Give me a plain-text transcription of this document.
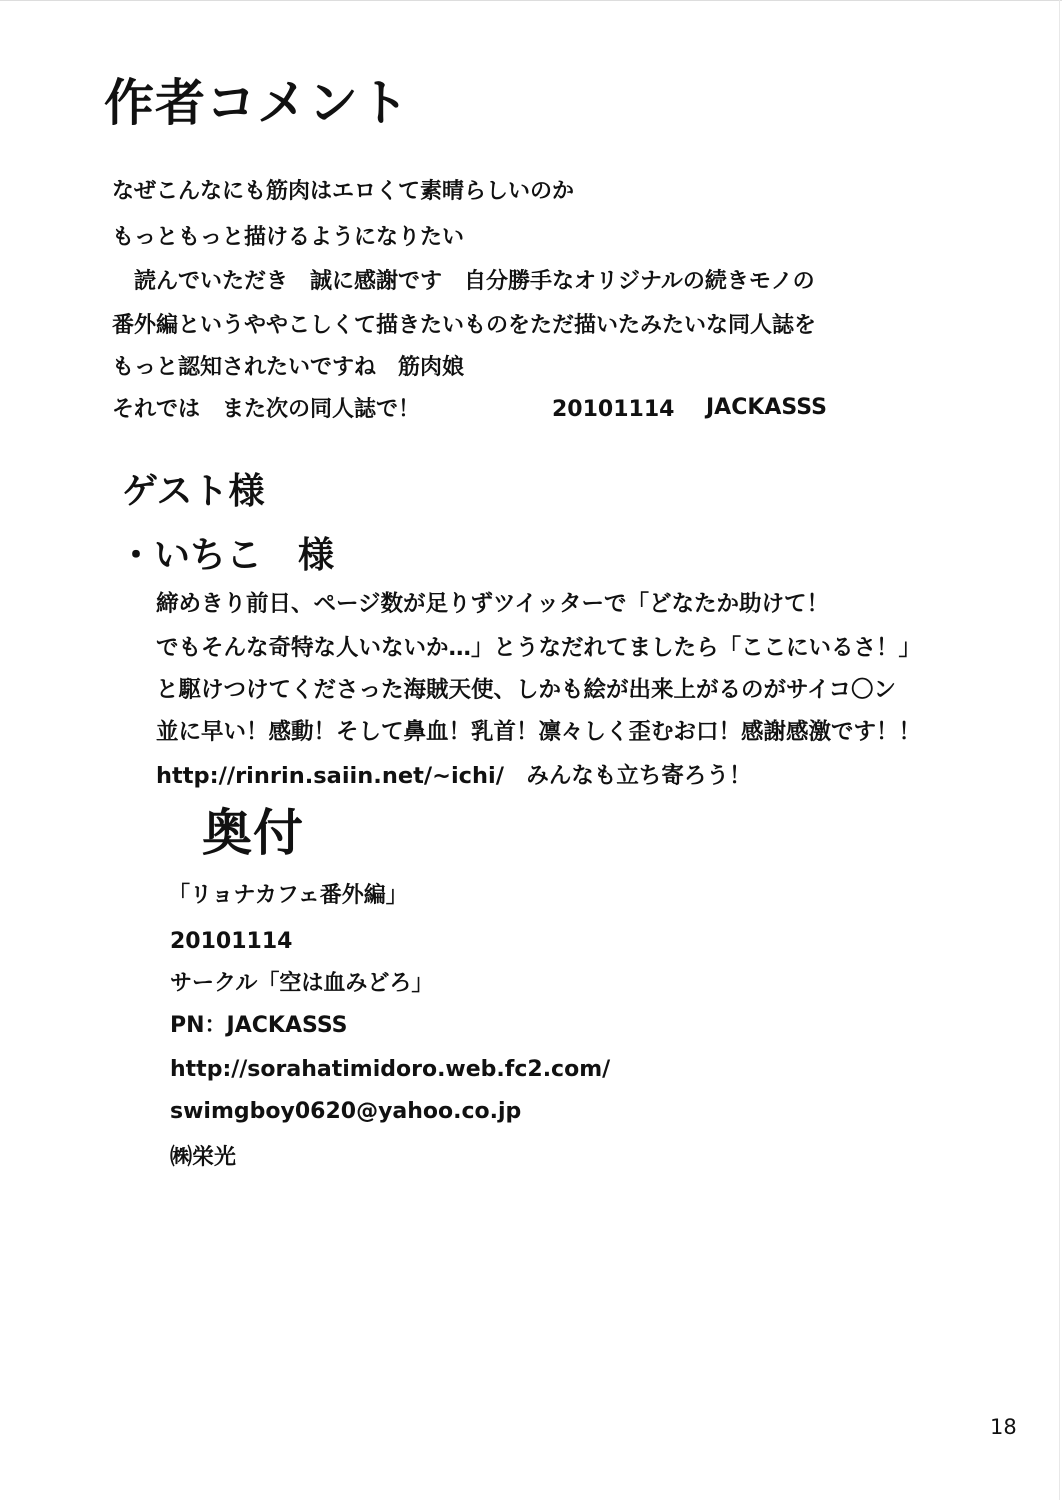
作者コメント
なぜこんなにも筋肉はエロくて素晴らしいのか
もっともっと描けるようになりたい
　読んでいただき　誠に感謝です　自分勝手なオリジナルの続きモノの
番外編というややこしくて描きたいものをただ描いたみたいな同人誌を
もっと認知されたいですね　筋肉娘
それでは　また次の同人誌で！	20101114 JACKASSS
ゲスト様
・いちこ　様
締めきり前日、ページ数が足りずツイッターで「どなたか助けて！
でもそんな奇特な人いないか…」とうなだれてましたら「ここにいるさ！」
と駆けつけてくださった海賊天使、しかも絵が出来上がるのがサイコ〇ン
並に早い！感動！そして鼻血！乳首！凛々しく歪むお口！感謝感激です！！
http://rinrin.saiin.net/~ichi/　みんなも立ち寄ろう！
奥付
「リョナカフェ番外編」
20101114
サークル「空は血みどろ」
PN：JACKASSS
http://sorahatimidoro.web.fc2.com/
swimgboy0620@yahoo.co.jp
㈱栄光
18
